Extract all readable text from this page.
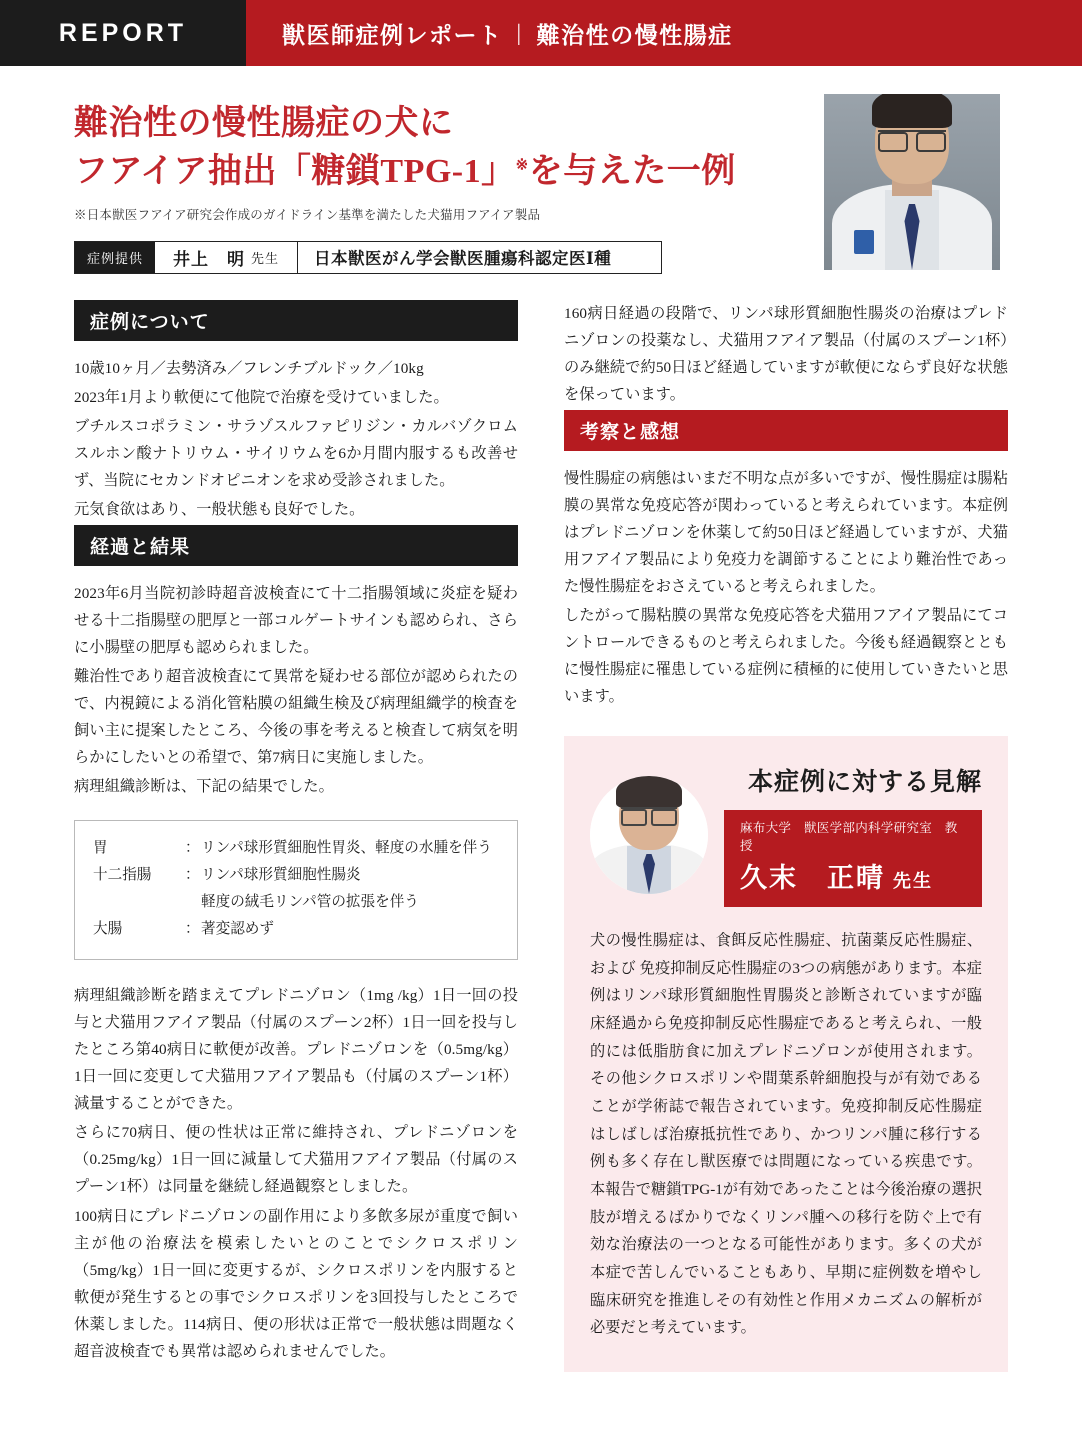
REPORT	獣医師症例レポート | 難治性の慢性腸症
難治性の慢性腸症の犬に
フアイア抽出「糖鎖TPG-1」※を与えた一例
※日本獣医フアイア研究会作成のガイドライン基準を満たした犬猫用フアイア製品
症例提供	井上　明 先生	日本獣医がん学会獣医腫瘍科認定医Ⅰ種
症例について

10歳10ヶ月／去勢済み／フレンチブルドック／10kg

2023年1月より軟便にて他院で治療を受けていました。

ブチルスコポラミン・サラゾスルファピリジン・カルバゾクロムスルホン酸ナトリウム・サイリウムを6か月間内服するも改善せず、当院にセカンドオピニオンを求め受診されました。

元気食欲はあり、一般状態も良好でした。

経過と結果

2023年6月当院初診時超音波検査にて十二指腸領域に炎症を疑わせる十二指腸壁の肥厚と一部コルゲートサインも認められ、さらに小腸壁の肥厚も認められました。

難治性であり超音波検査にて異常を疑わせる部位が認められたので、内視鏡による消化管粘膜の組織生検及び病理組織学的検査を飼い主に提案したところ、今後の事を考えると検査して病気を明らかにしたいとの希望で、第7病日に実施しました。

病理組織診断は、下記の結果でした。

胃	： リンパ球形質細胞性胃炎、軽度の水腫を伴う
十二指腸	： リンパ球形質細胞性腸炎
軽度の絨毛リンパ管の拡張を伴う
大腸	： 著変認めず

病理組織診断を踏まえてプレドニゾロン（1mg /kg）1日一回の投与と犬猫用フアイア製品（付属のスプーン2杯）1日一回を投与したところ第40病日に軟便が改善。プレドニゾロンを（0.5mg/kg）1日一回に変更して犬猫用フアイア製品も（付属のスプーン1杯）減量することができた。

さらに70病日、便の性状は正常に維持され、プレドニゾロンを（0.25mg/kg）1日一回に減量して犬猫用フアイア製品（付属のスプーン1杯）は同量を継続し経過観察としました。

100病日にプレドニゾロンの副作用により多飲多尿が重度で飼い主が他の治療法を模索したいとのことでシクロスポリン（5mg/kg）1日一回に変更するが、シクロスポリンを内服すると軟便が発生するとの事でシクロスポリンを3回投与したところで休薬しました。114病日、便の形状は正常で一般状態は問題なく超音波検査でも異常は認められませんでした。

160病日経過の段階で、リンパ球形質細胞性腸炎の治療はプレドニゾロンの投薬なし、犬猫用フアイア製品（付属のスプーン1杯）のみ継続で約50日ほど経過していますが軟便にならず良好な状態を保っています。

考察と感想

慢性腸症の病態はいまだ不明な点が多いですが、慢性腸症は腸粘膜の異常な免疫応答が関わっていると考えられています。本症例はプレドニゾロンを休薬して約50日ほど経過していますが、犬猫用フアイア製品により免疫力を調節することにより難治性であった慢性腸症をおさえていると考えられました。

したがって腸粘膜の異常な免疫応答を犬猫用フアイア製品にてコントロールできるものと考えられました。今後も経過観察とともに慢性腸症に罹患している症例に積極的に使用していきたいと思います。

本症例に対する見解
麻布大学　獣医学部内科学研究室　教授
久末　正晴 先生
犬の慢性腸症は、食餌反応性腸症、抗菌薬反応性腸症、および 免疫抑制反応性腸症の3つの病態があります。本症例はリンパ球形質細胞性胃腸炎と診断されていますが臨床経過から免疫抑制反応性腸症であると考えられ、一般的には低脂肪食に加えプレドニゾロンが使用されます。その他シクロスポリンや間葉系幹細胞投与が有効であることが学術誌で報告されています。免疫抑制反応性腸症はしばしば治療抵抗性であり、かつリンパ腫に移行する例も多く存在し獣医療では問題になっている疾患です。本報告で糖鎖TPG-1が有効であったことは今後治療の選択肢が増えるばかりでなくリンパ腫への移行を防ぐ上で有効な治療法の一つとなる可能性があります。多くの犬が本症で苦しんでいることもあり、早期に症例数を増やし臨床研究を推進しその有効性と作用メカニズムの解析が必要だと考えています。
